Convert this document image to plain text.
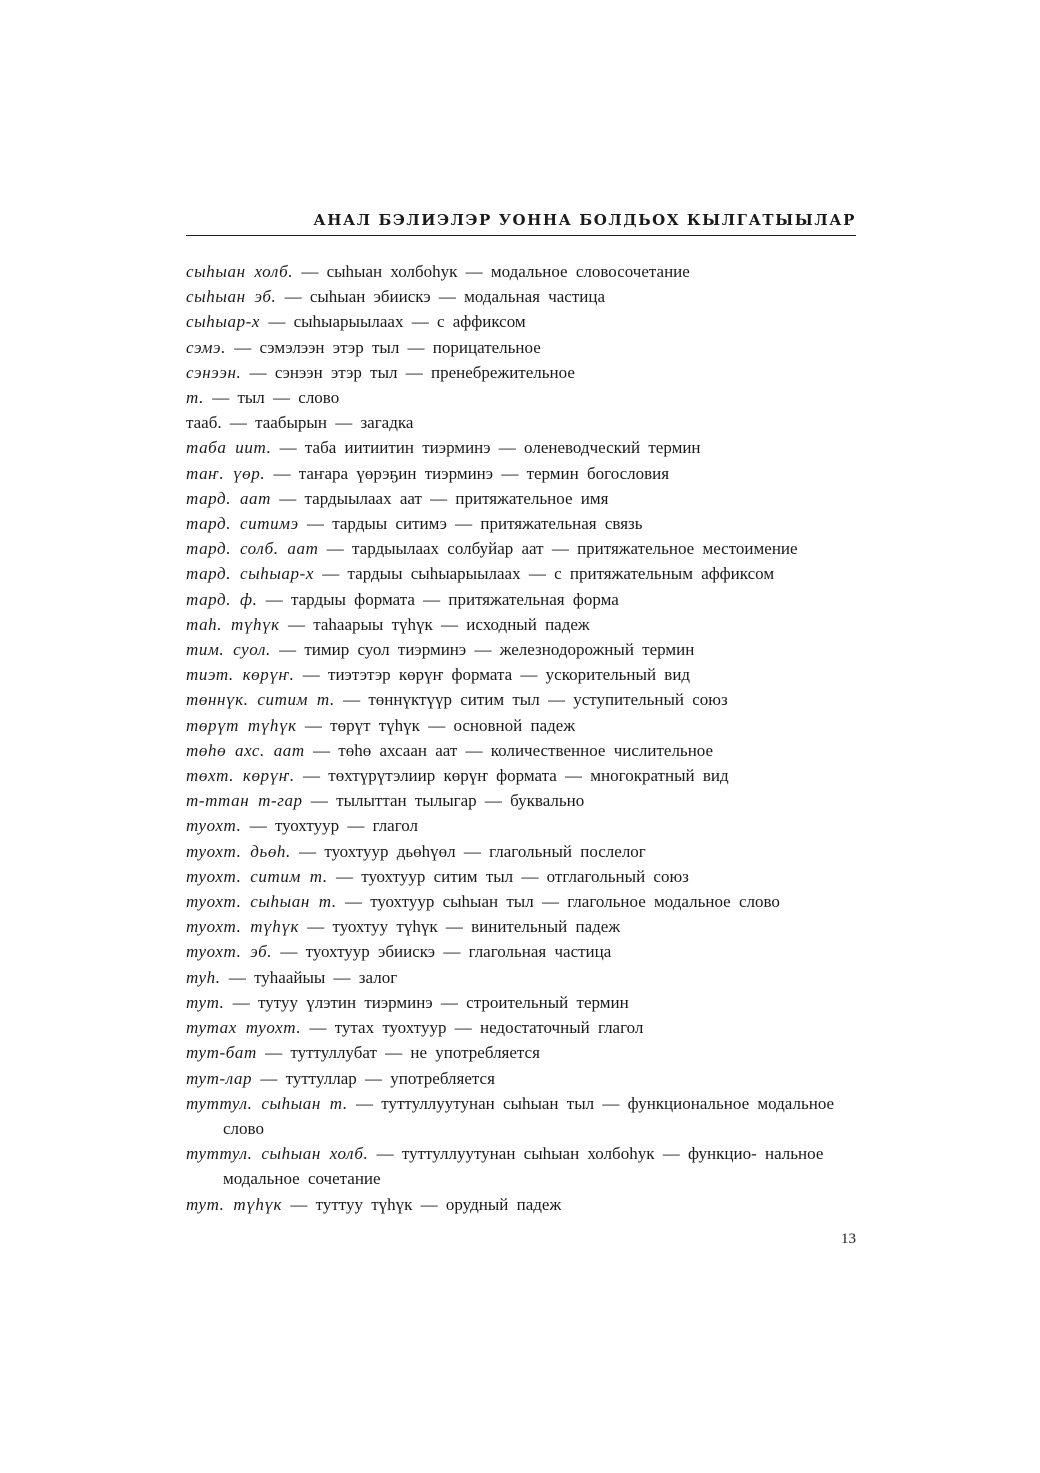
АНАЛ БЭЛИЭЛЭР УОННА БОЛДЬОХ КЫЛГАТЫЫЛАР
сыһыан холб. — сыһыан холбоһук — модальное словосочетание
сыһыан эб. — сыһыан эбиискэ — модальная частица
сыһыар-х — сыһыарыылаах — с аффиксом
сэмэ. — сэмэлээн этэр тыл — порицательное
сэнээн. — сэнээн этэр тыл — пренебрежительное
т. — тыл — слово
тааб. — таабырын — загадка
таба иит. — таба иитиитин тиэрминэ — оленеводческий термин
таҥ. үөр. — таҥара үөрэҕин тиэрминэ — термин богословия
тард. аат — тардыылаах аат — притяжательное имя
тард. ситимэ — тардыы ситимэ — притяжательная связь
тард. солб. аат — тардыылаах солбуйар аат — притяжательное местоимение
тард. сыһыар-х — тардыы сыһыарыылаах — с притяжательным аффиксом
тард. ф. — тардыы формата — притяжательная форма
таһ. түһүк — таһаарыы түһүк — исходный падеж
тим. суол. — тимир суол тиэрминэ — железнодорожный термин
тиэт. көрүҥ. — тиэтэтэр көрүҥ формата — ускорительный вид
төннүк. ситим т. — төннүктүүр ситим тыл — уступительный союз
төрүт түһүк — төрүт түһүк — основной падеж
төһө ахс. аат — төһө ахсаан аат — количественное числительное
төхт. көрүҥ. — төхтүрүтэлиир көрүҥ формата — многократный вид
т-ттан т-гар — тылыттан тылыгар — буквально
туохт. — туохтуур — глагол
туохт. дьөһ. — туохтуур дьөһүөл — глагольный послелог
туохт. ситим т. — туохтуур ситим тыл — отглагольный союз
туохт. сыһыан т. — туохтуур сыһыан тыл — глагольное модальное слово
туохт. түһүк — туохтуу түһүк — винительный падеж
туохт. эб. — туохтуур эбиискэ — глагольная частица
туһ. — туһаайыы — залог
тут. — тутуу үлэтин тиэрминэ — строительный термин
тутах туохт. — тутах туохтуур — недостаточный глагол
тут-бат — туттуллубат — не употребляется
тут-лар — туттуллар — употребляется
туттул. сыһыан т. — туттуллуутунан сыһыан тыл — функциональное модальное слово
туттул. сыһыан холб. — туттуллуутунан сыһыан холбоһук — функцио- нальное модальное сочетание
тут. түһүк — туттуу түһүк — орудный падеж
13
